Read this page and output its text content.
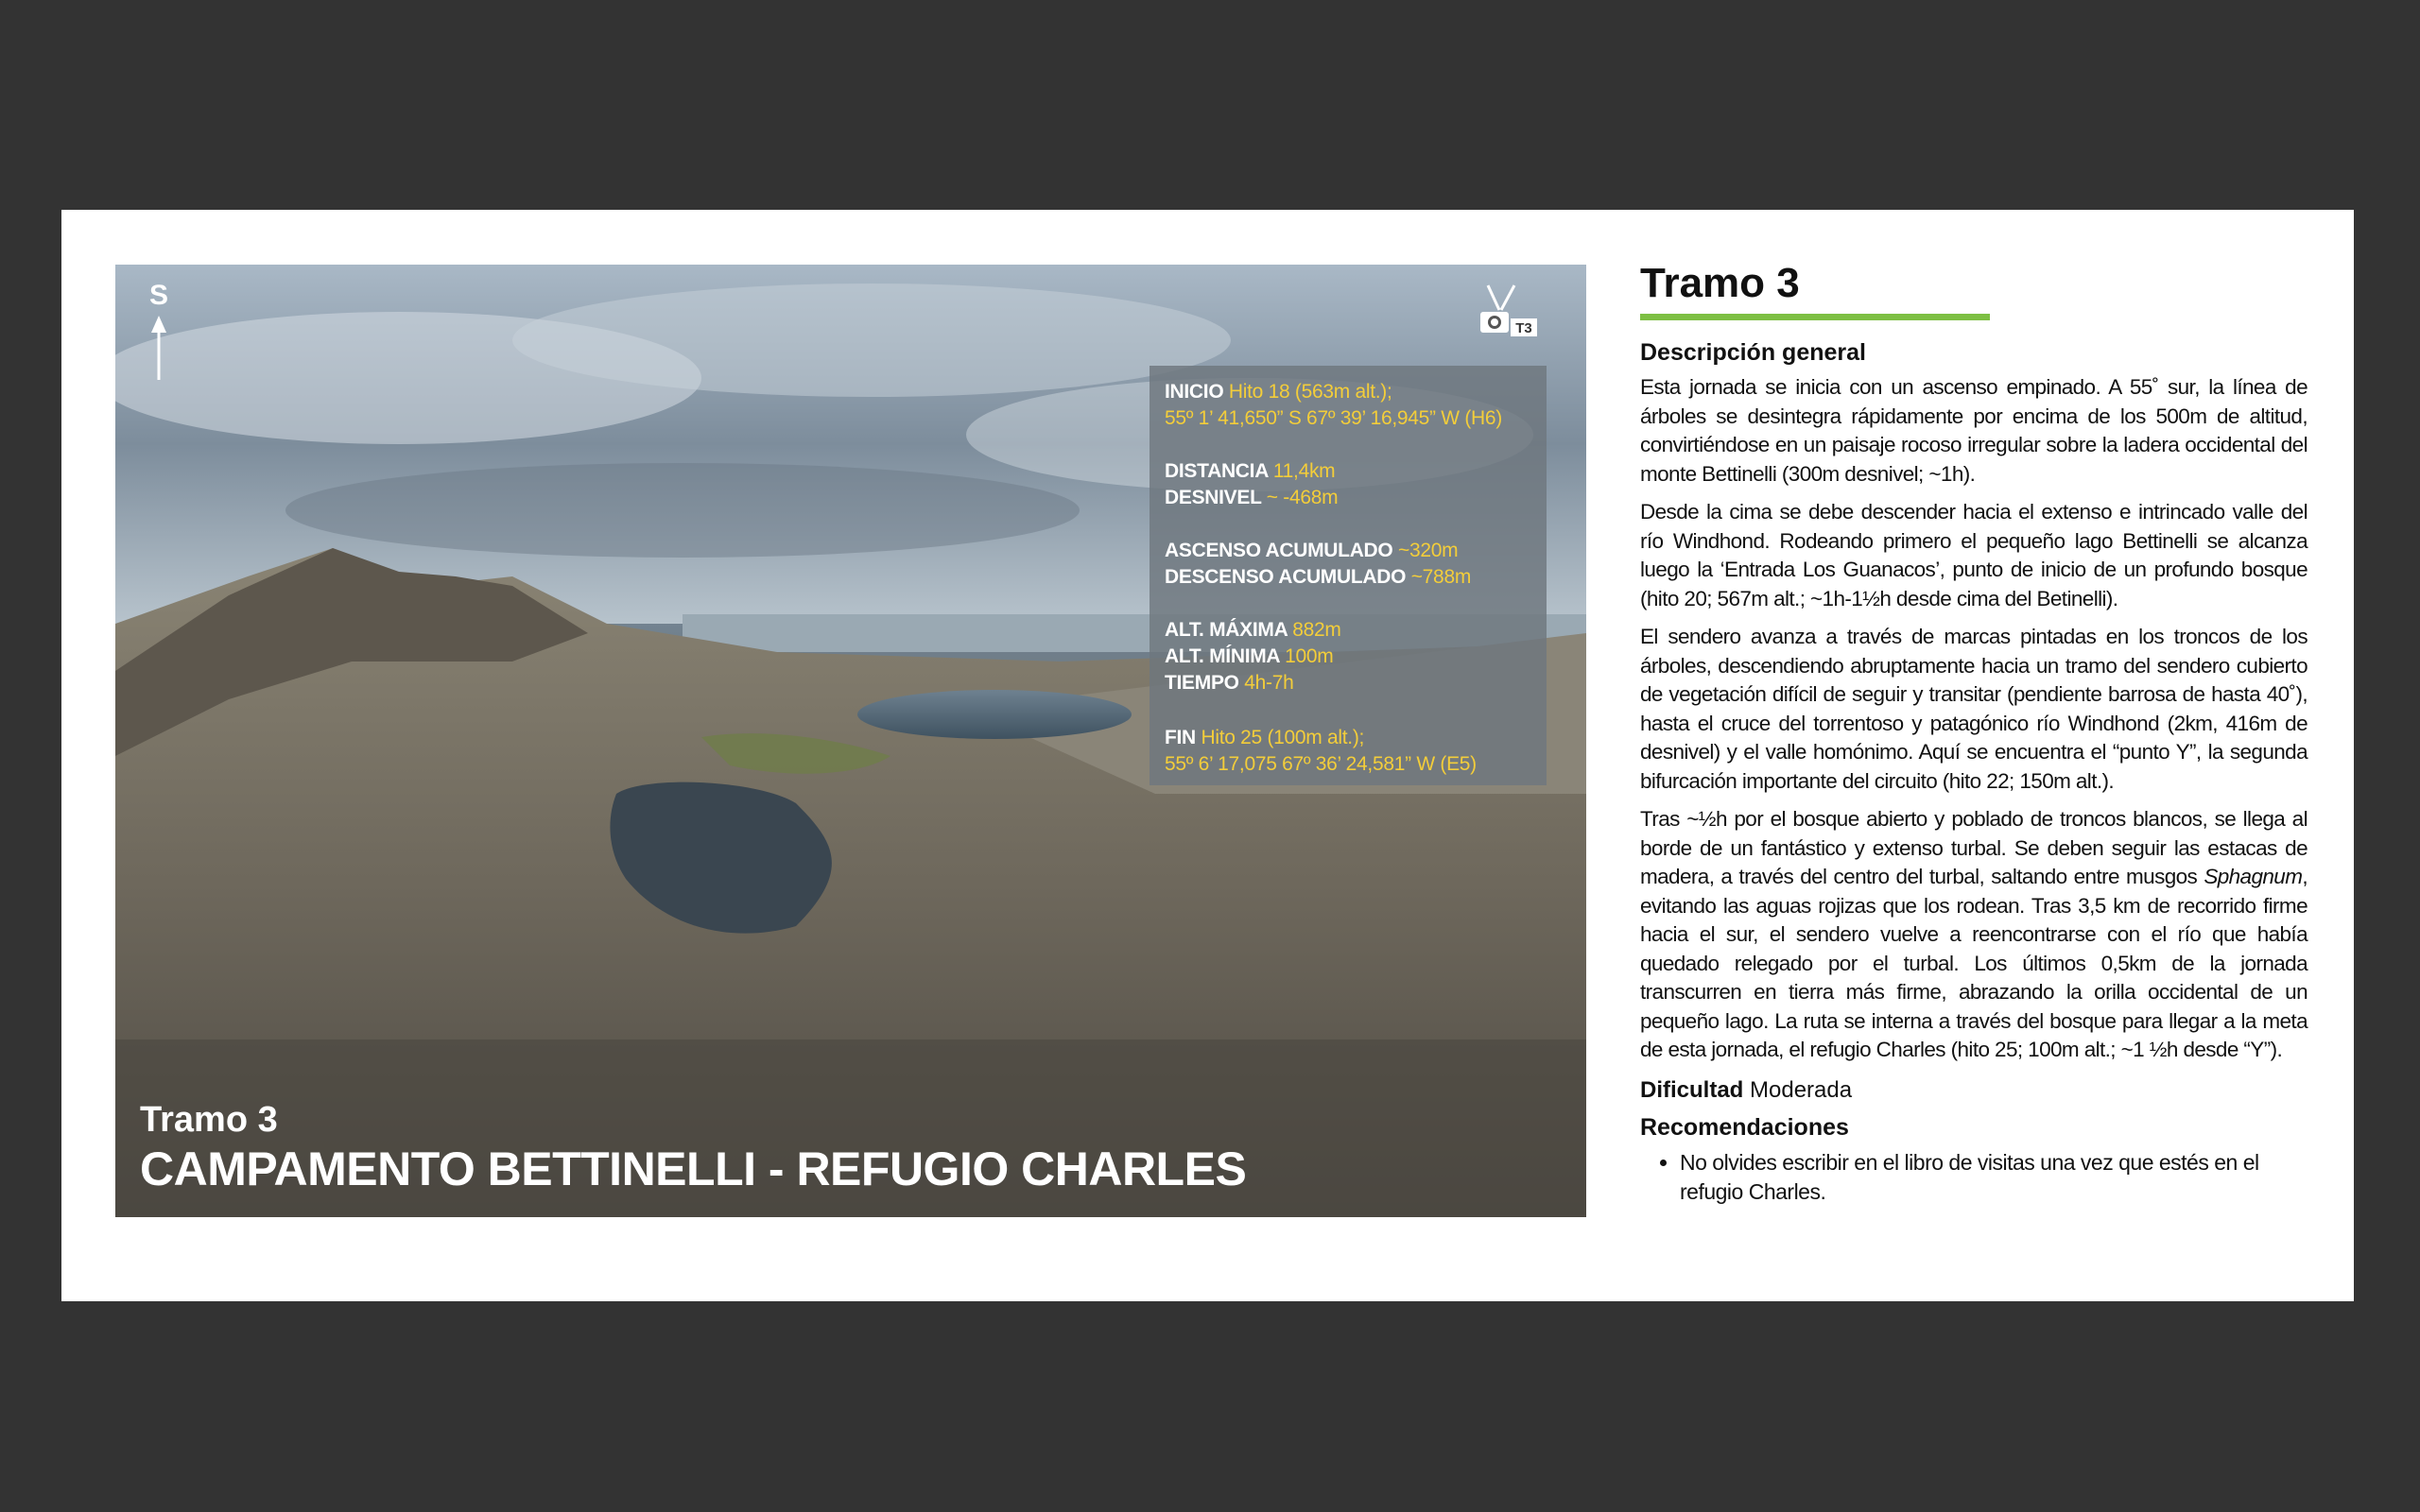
S
T3
INICIO Hito 18 (563m alt.);
55º 1’ 41,650” S 67º 39’ 16,945” W (H6)
DISTANCIA 11,4km
DESNIVEL ~ -468m
ASCENSO ACUMULADO ~320m
DESCENSO ACUMULADO ~788m
ALT. MÁXIMA 882m
ALT. MÍNIMA 100m
TIEMPO 4h-7h
FIN Hito 25 (100m alt.);
55º 6’ 17,075 67º 36’ 24,581” W (E5)
Tramo 3
CAMPAMENTO BETTINELLI - REFUGIO CHARLES
Tramo 3
Descripción general

Esta jornada se inicia con un ascenso empinado. A 55˚ sur, la línea de árboles se desintegra rápidamente por encima de los 500m de altitud, convirtiéndose en un paisaje rocoso irregular sobre la ladera occidental del monte Bettinelli (300m desnivel; ~1h).

Desde la cima se debe descender hacia el extenso e intrincado valle del río Windhond. Rodeando primero el pequeño lago Bettinelli se alcanza luego la ‘Entrada Los Guanacos’, punto de inicio de un profundo bosque (hito 20; 567m alt.; ~1h-1½h desde cima del Betinelli).

El sendero avanza a través de marcas pintadas en los troncos de los árboles, descendiendo abruptamente hacia un tramo del sendero cubierto de vegetación difícil de seguir y transitar (pendiente barrosa de hasta 40˚), hasta el cruce del torrentoso y patagónico río Windhond (2km, 416m de desnivel) y el valle homónimo. Aquí se encuentra el “punto Y”, la segunda bifurcación importante del circuito (hito 22; 150m alt.).

Tras ~½h por el bosque abierto y poblado de troncos blancos, se llega al borde de un fantástico y extenso turbal. Se deben seguir las estacas de madera, a través del centro del turbal, saltando entre musgos Sphagnum, evitando las aguas rojizas que los rodean. Tras 3,5 km de recorrido firme hacia el sur, el sendero vuelve a reencontrarse con el río que había quedado relegado por el turbal. Los últimos 0,5km de la jornada transcurren en tierra más firme, abrazando la orilla occidental de un pequeño lago. La ruta se interna a través del bosque para llegar a la meta de esta jornada, el refugio Charles (hito 25; 100m alt.; ~1 ½h desde “Y”).

Dificultad Moderada
Recomendaciones
• No olvides escribir en el libro de visitas una vez que estés en el refugio Charles.
